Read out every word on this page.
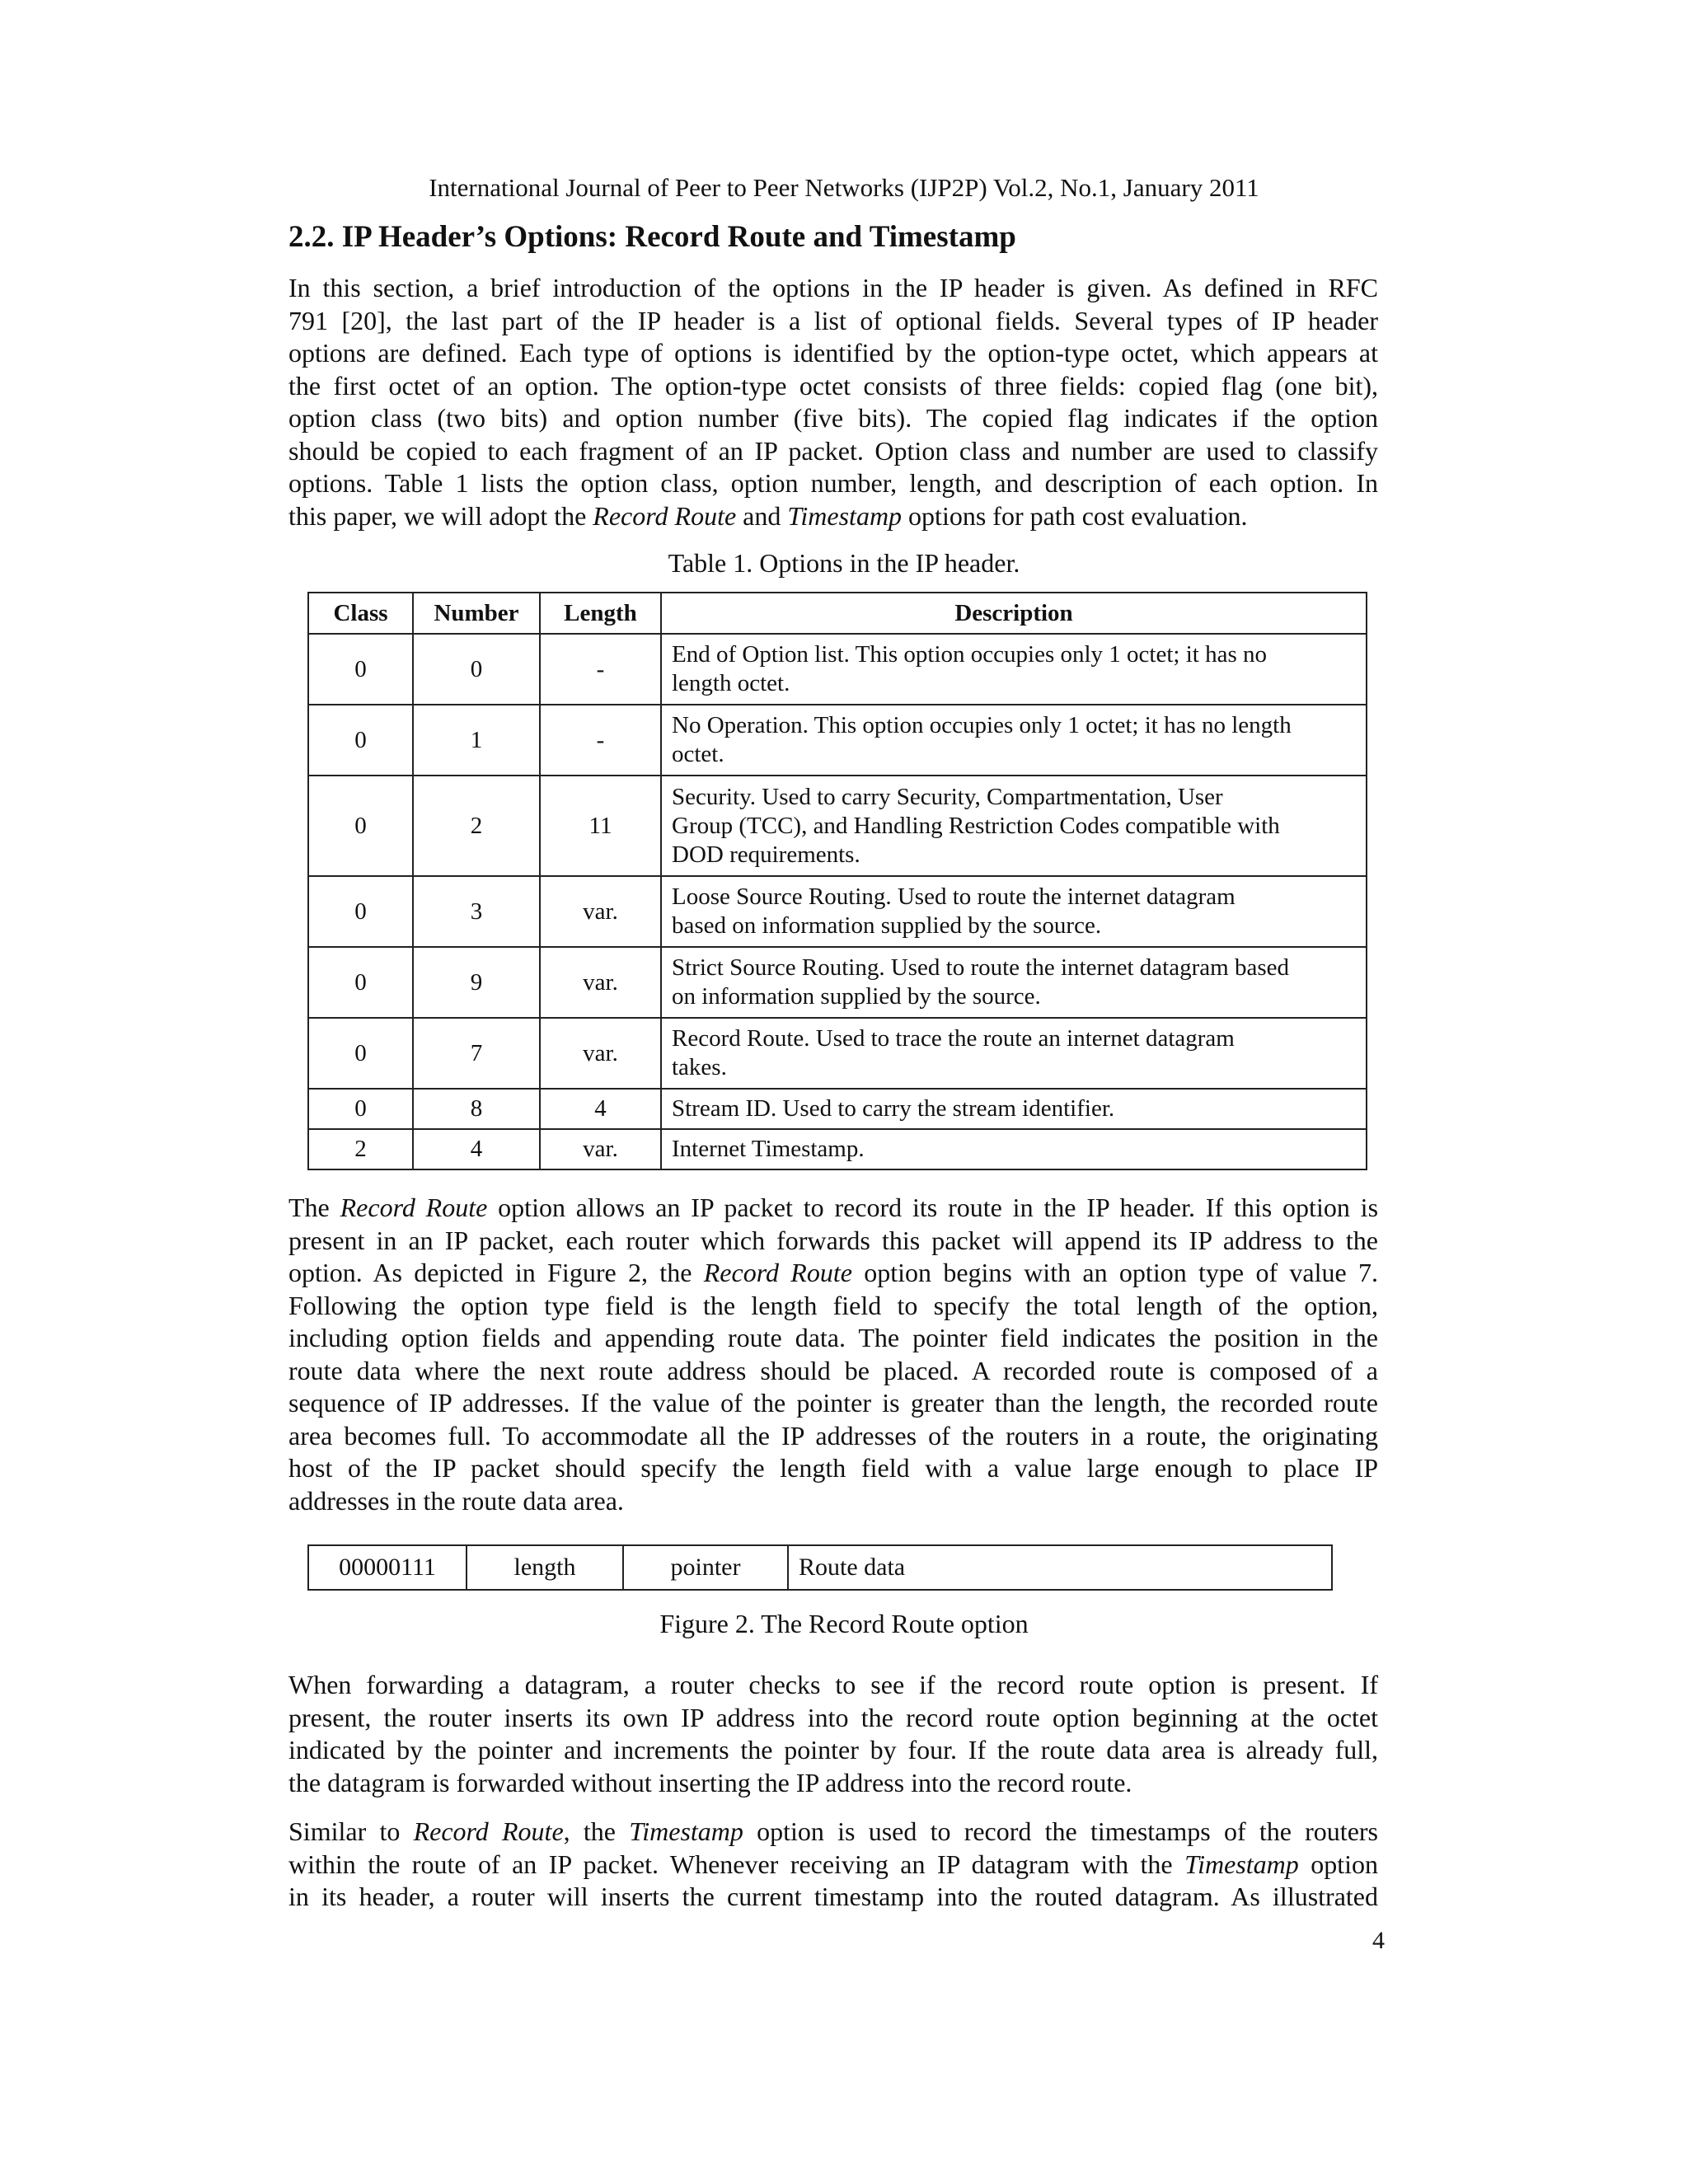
International Journal of Peer to Peer Networks (IJP2P) Vol.2, No.1, January 2011
2.2. IP Header’s Options: Record Route and Timestamp

In this section, a brief introduction of the options in the IP header is given. As defined in RFC
791 [20], the last part of the IP header is a list of optional fields. Several types of IP header
options are defined. Each type of options is identified by the option-type octet, which appears at
the first octet of an option. The option-type octet consists of three fields: copied flag (one bit),
option class (two bits) and option number (five bits). The copied flag indicates if the option
should be copied to each fragment of an IP packet. Option class and number are used to classify
options. Table 1 lists the option class, option number, length, and description of each option. In
this paper, we will adopt the Record Route and Timestamp options for path cost evaluation.

Table 1. Options in the IP header.
Class	Number	Length	Description
0	0	-	End of Option list. This option occupies only 1 octet; it has no
length octet.
0	1	-	No Operation. This option occupies only 1 octet; it has no length
octet.
0	2	11	Security. Used to carry Security, Compartmentation, User
Group (TCC), and Handling Restriction Codes compatible with
DOD requirements.
0	3	var.	Loose Source Routing. Used to route the internet datagram
based on information supplied by the source.
0	9	var.	Strict Source Routing. Used to route the internet datagram based
on information supplied by the source.
0	7	var.	Record Route. Used to trace the route an internet datagram
takes.
0	8	4	Stream ID. Used to carry the stream identifier.
2	4	var.	Internet Timestamp.

The Record Route option allows an IP packet to record its route in the IP header. If this option is
present in an IP packet, each router which forwards this packet will append its IP address to the
option. As depicted in Figure 2, the Record Route option begins with an option type of value 7.
Following the option type field is the length field to specify the total length of the option,
including option fields and appending route data. The pointer field indicates the position in the
route data where the next route address should be placed. A recorded route is composed of a
sequence of IP addresses. If the value of the pointer is greater than the length, the recorded route
area becomes full. To accommodate all the IP addresses of the routers in a route, the originating
host of the IP packet should specify the length field with a value large enough to place IP
addresses in the route data area.

00000111	length	pointer	Route data
Figure 2. The Record Route option

When forwarding a datagram, a router checks to see if the record route option is present. If
present, the router inserts its own IP address into the record route option beginning at the octet
indicated by the pointer and increments the pointer by four. If the route data area is already full,
the datagram is forwarded without inserting the IP address into the record route.

Similar to Record Route, the Timestamp option is used to record the timestamps of the routers
within the route of an IP packet. Whenever receiving an IP datagram with the Timestamp option
in its header, a router will inserts the current timestamp into the routed datagram. As illustrated

4
